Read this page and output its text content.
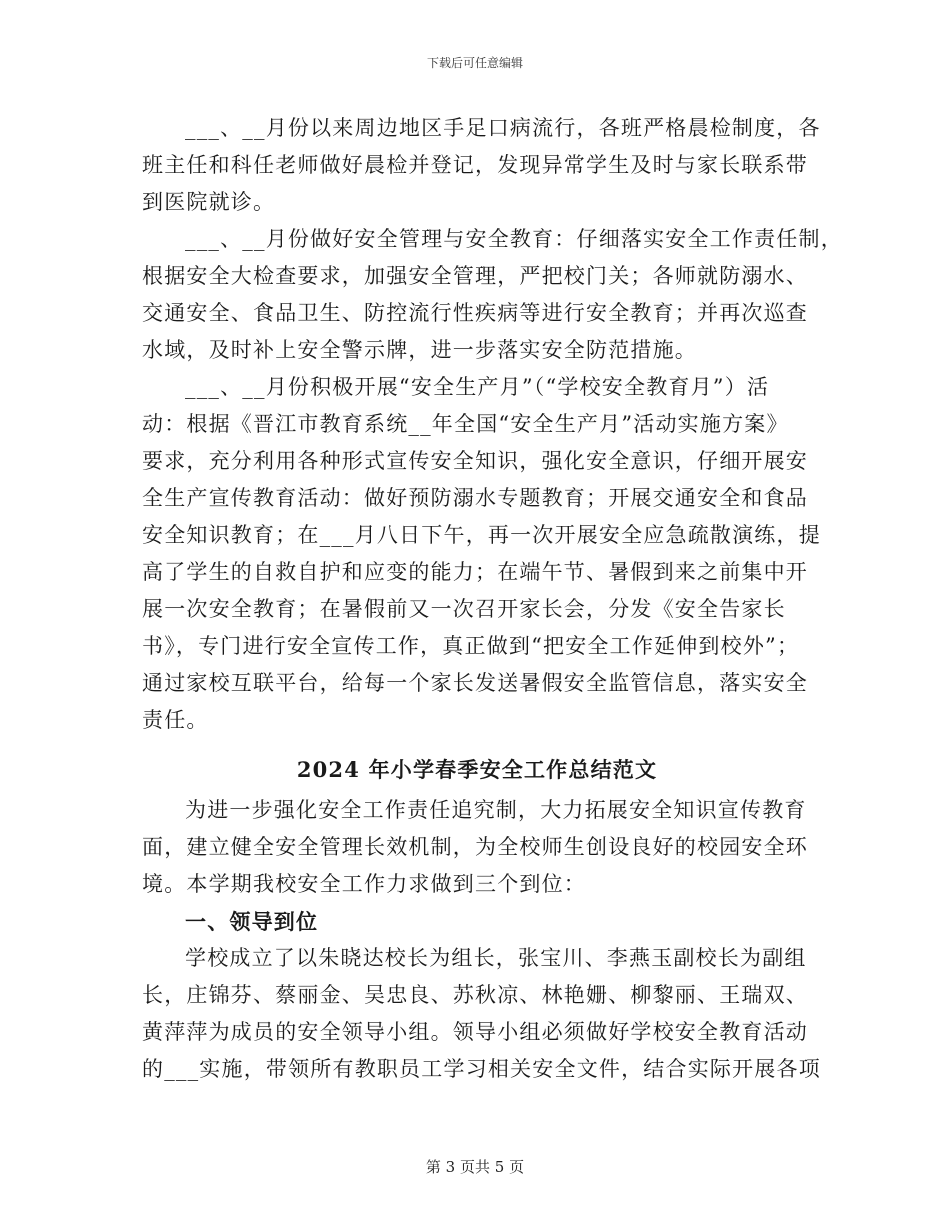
下载后可任意编辑
___、__月份以来周边地区手足口病流行，各班严格晨检制度，各
班主任和科任老师做好晨检并登记，发现异常学生及时与家长联系带
到医院就诊。
___、__月份做好安全管理与安全教育：仔细落实安全工作责任制，
根据安全大检查要求，加强安全管理，严把校门关；各师就防溺水、
交通安全、食品卫生、防控流行性疾病等进行安全教育；并再次巡查
水域，及时补上安全警示牌，进一步落实安全防范措施。
___、__月份积极开展“安全生产月”（“学校安全教育月”）活
动：根据《晋江市教育系统__年全国“安全生产月”活动实施方案》
要求，充分利用各种形式宣传安全知识，强化安全意识，仔细开展安
全生产宣传教育活动：做好预防溺水专题教育；开展交通安全和食品
安全知识教育；在___月八日下午，再一次开展安全应急疏散演练，提
高了学生的自救自护和应变的能力；在端午节、暑假到来之前集中开
展一次安全教育；在暑假前又一次召开家长会，分发《安全告家长
书》，专门进行安全宣传工作，真正做到“把安全工作延伸到校外”；
通过家校互联平台，给每一个家长发送暑假安全监管信息，落实安全
责任。
2024 年小学春季安全工作总结范文
为进一步强化安全工作责任追究制，大力拓展安全知识宣传教育
面，建立健全安全管理长效机制，为全校师生创设良好的校园安全环
境。本学期我校安全工作力求做到三个到位：
一、领导到位
学校成立了以朱晓达校长为组长，张宝川、李燕玉副校长为副组
长，庄锦芬、蔡丽金、吴忠良、苏秋凉、林艳姗、柳黎丽、王瑞双、
黄萍萍为成员的安全领导小组。领导小组必须做好学校安全教育活动
的___实施，带领所有教职员工学习相关安全文件，结合实际开展各项
第 3 页共 5 页
